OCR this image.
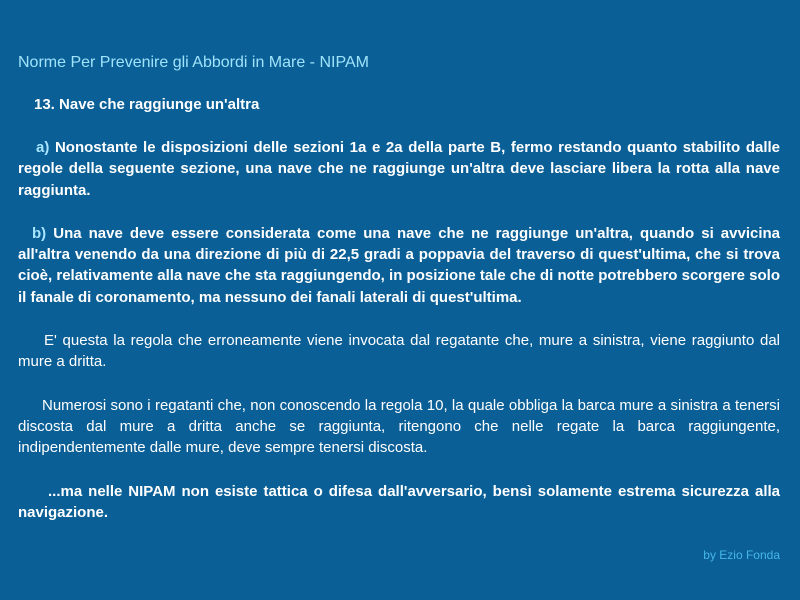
Norme Per Prevenire gli Abbordi in Mare - NIPAM

13. Nave che raggiunge un'altra

a) Nonostante le disposizioni delle sezioni 1a e 2a della parte B, fermo restando quanto stabilito dalle regole della seguente sezione, una nave che ne raggiunge un'altra deve lasciare libera la rotta alla nave raggiunta.

b) Una nave deve essere considerata come una nave che ne raggiunge un'altra, quando si avvicina all'altra venendo da una direzione di più di 22,5 gradi a poppavia del traverso di quest'ultima, che si trova cioè, relativamente alla nave che sta raggiungendo, in posizione tale che di notte potrebbero scorgere solo il fanale di coronamento, ma nessuno dei fanali laterali di quest'ultima.

E' questa la regola che erroneamente viene invocata dal regatante che, mure a sinistra, viene raggiunto dal mure a dritta.

Numerosi sono i regatanti che, non conoscendo la regola 10, la quale obbliga la barca mure a sinistra a tenersi discosta dal mure a dritta anche se raggiunta, ritengono che nelle regate la barca raggiungente, indipendentemente dalle mure, deve sempre tenersi discosta.

...ma nelle NIPAM non esiste tattica o difesa dall'avversario, bensì solamente estrema sicurezza alla navigazione.

by Ezio Fonda
